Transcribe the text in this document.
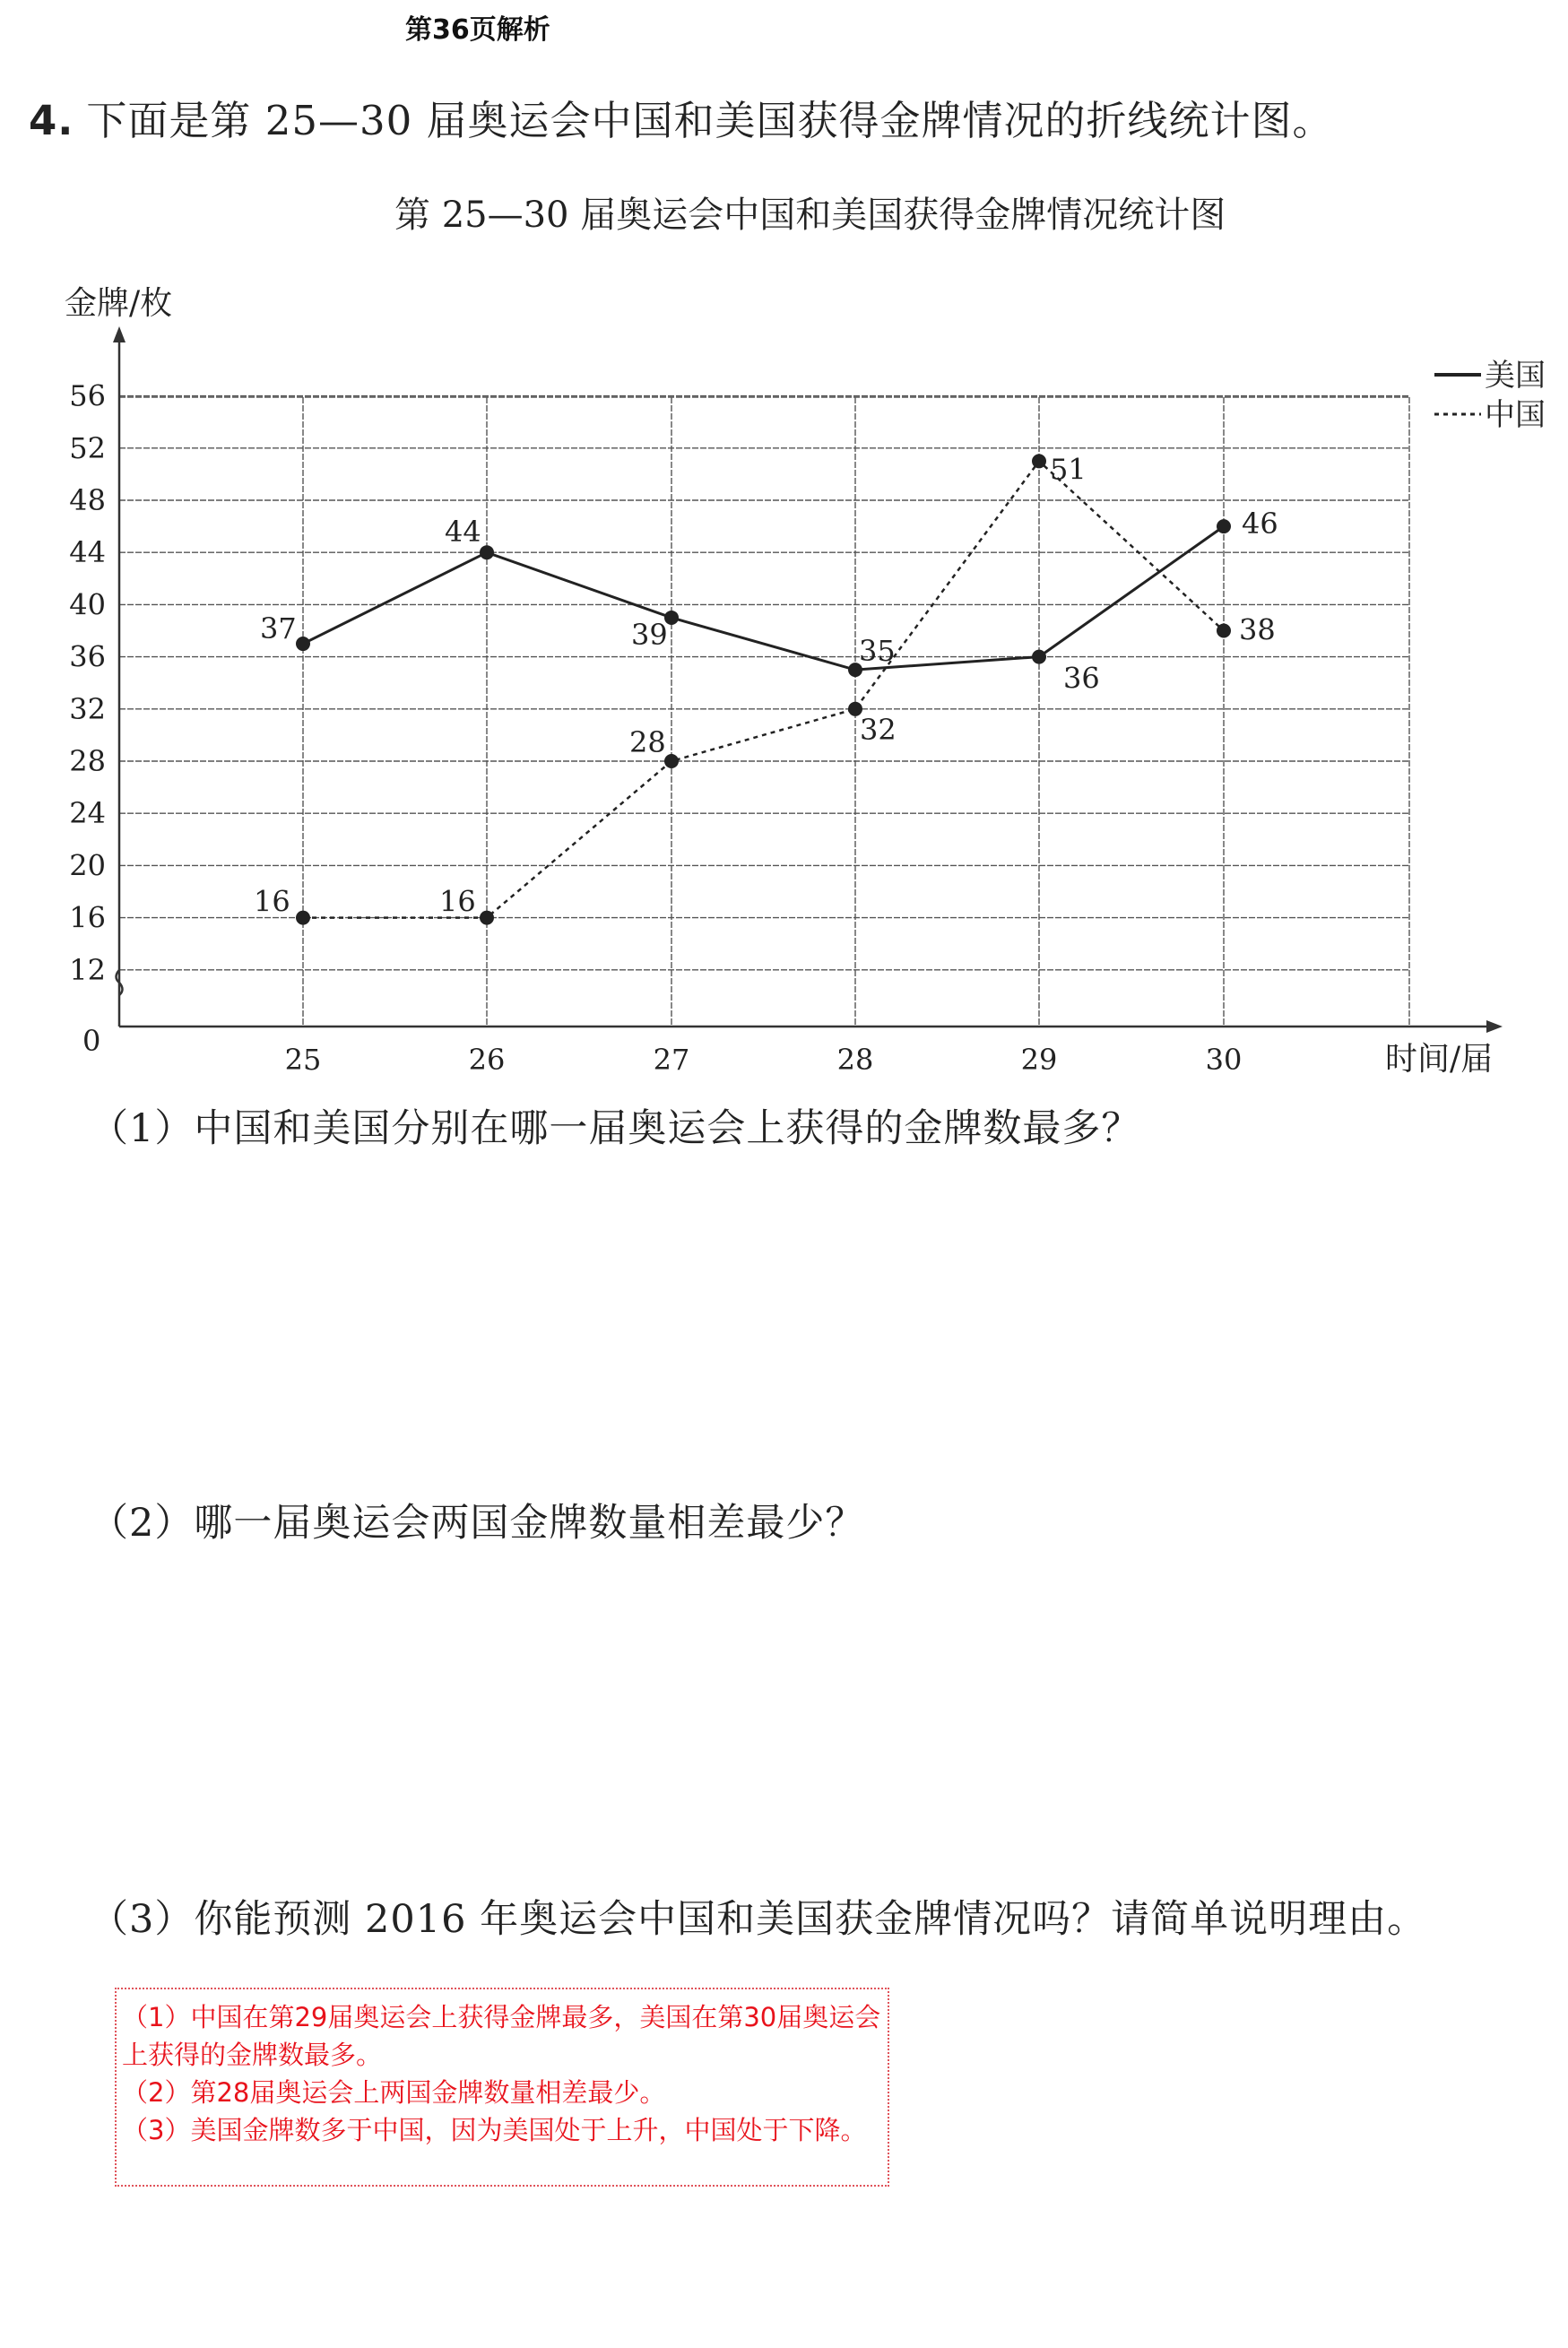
第36页解析
4. 下面是第 25—30 届奥运会中国和美国获得金牌情况的折线统计图。
第 25—30 届奥运会中国和美国获得金牌情况统计图
12
16
20
24
28
32
36
40
44
48
52
56
25	26	27	28	29	30
37
44
39	35
36
46
16	16
28	32
51
38
美国
中国
金牌/枚
时间/届
0
（1）中国和美国分别在哪一届奥运会上获得的金牌数最多？
（2）哪一届奥运会两国金牌数量相差最少？
（3）你能预测 2016 年奥运会中国和美国获金牌情况吗？请简单说明理由。

（1）中国在第29届奥运会上获得金牌最多，美国在第30届奥运会上获得的金牌数最多。

（2）第28届奥运会上两国金牌数量相差最少。

（3）美国金牌数多于中国，因为美国处于上升，中国处于下降。
